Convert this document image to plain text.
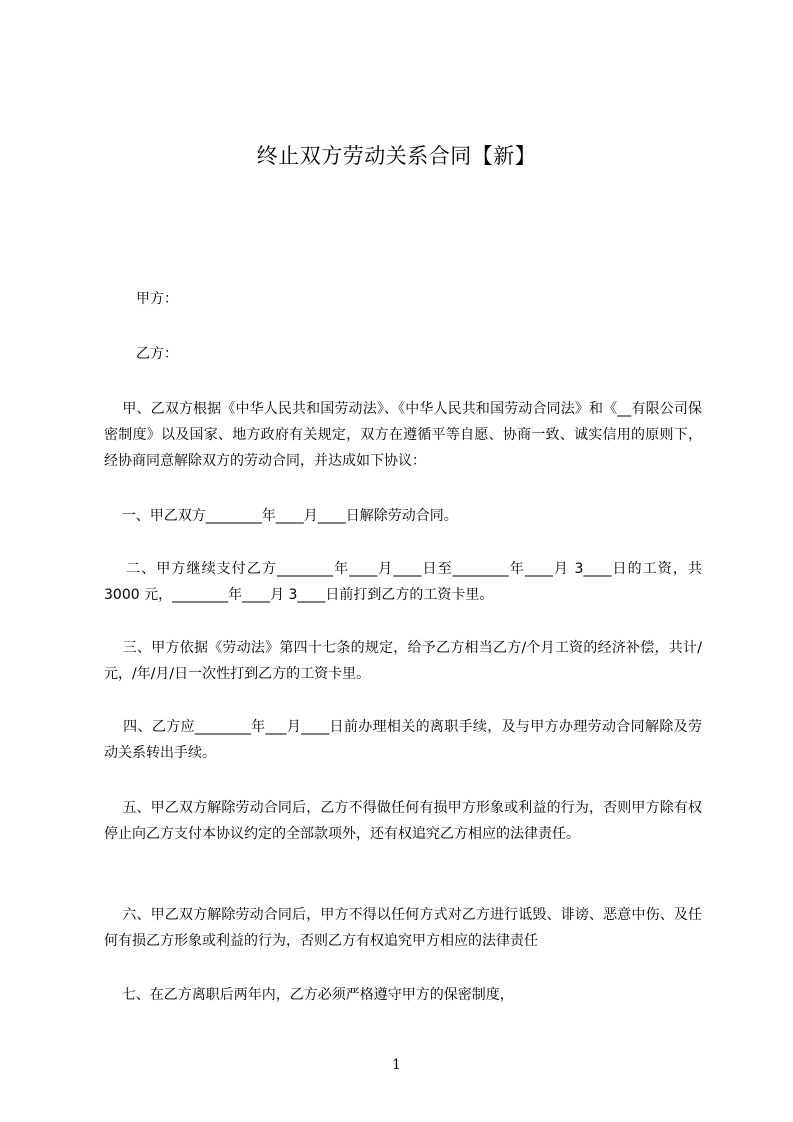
终止双方劳动关系合同【新】
甲方：
乙方：
甲、乙双方根据《中华人民共和国劳动法》、《中华人民共和国劳动合同法》和《__有限公司保密制度》以及国家、地方政府有关规定，双方在遵循平等自愿、协商一致、诚实信用的原则下，经协商同意解除双方的劳动合同，并达成如下协议：
一、甲乙双方________年____月____日解除劳动合同。
二、甲方继续支付乙方________年____月____日至________年____月 3____日的工资，共 3000 元，________年____月 3____日前打到乙方的工资卡里。
三、甲方依据《劳动法》第四十七条的规定，给予乙方相当乙方/个月工资的经济补偿，共计/元，/年/月/日一次性打到乙方的工资卡里。
四、乙方应________年___月____日前办理相关的离职手续，及与甲方办理劳动合同解除及劳动关系转出手续。
五、甲乙双方解除劳动合同后，乙方不得做任何有损甲方形象或利益的行为，否则甲方除有权停止向乙方支付本协议约定的全部款项外，还有权追究乙方相应的法律责任。
六、甲乙双方解除劳动合同后，甲方不得以任何方式对乙方进行诋毁、诽谤、恶意中伤、及任何有损乙方形象或利益的行为，否则乙方有权追究甲方相应的法律责任
七、在乙方离职后两年内，乙方必须严格遵守甲方的保密制度，
1
